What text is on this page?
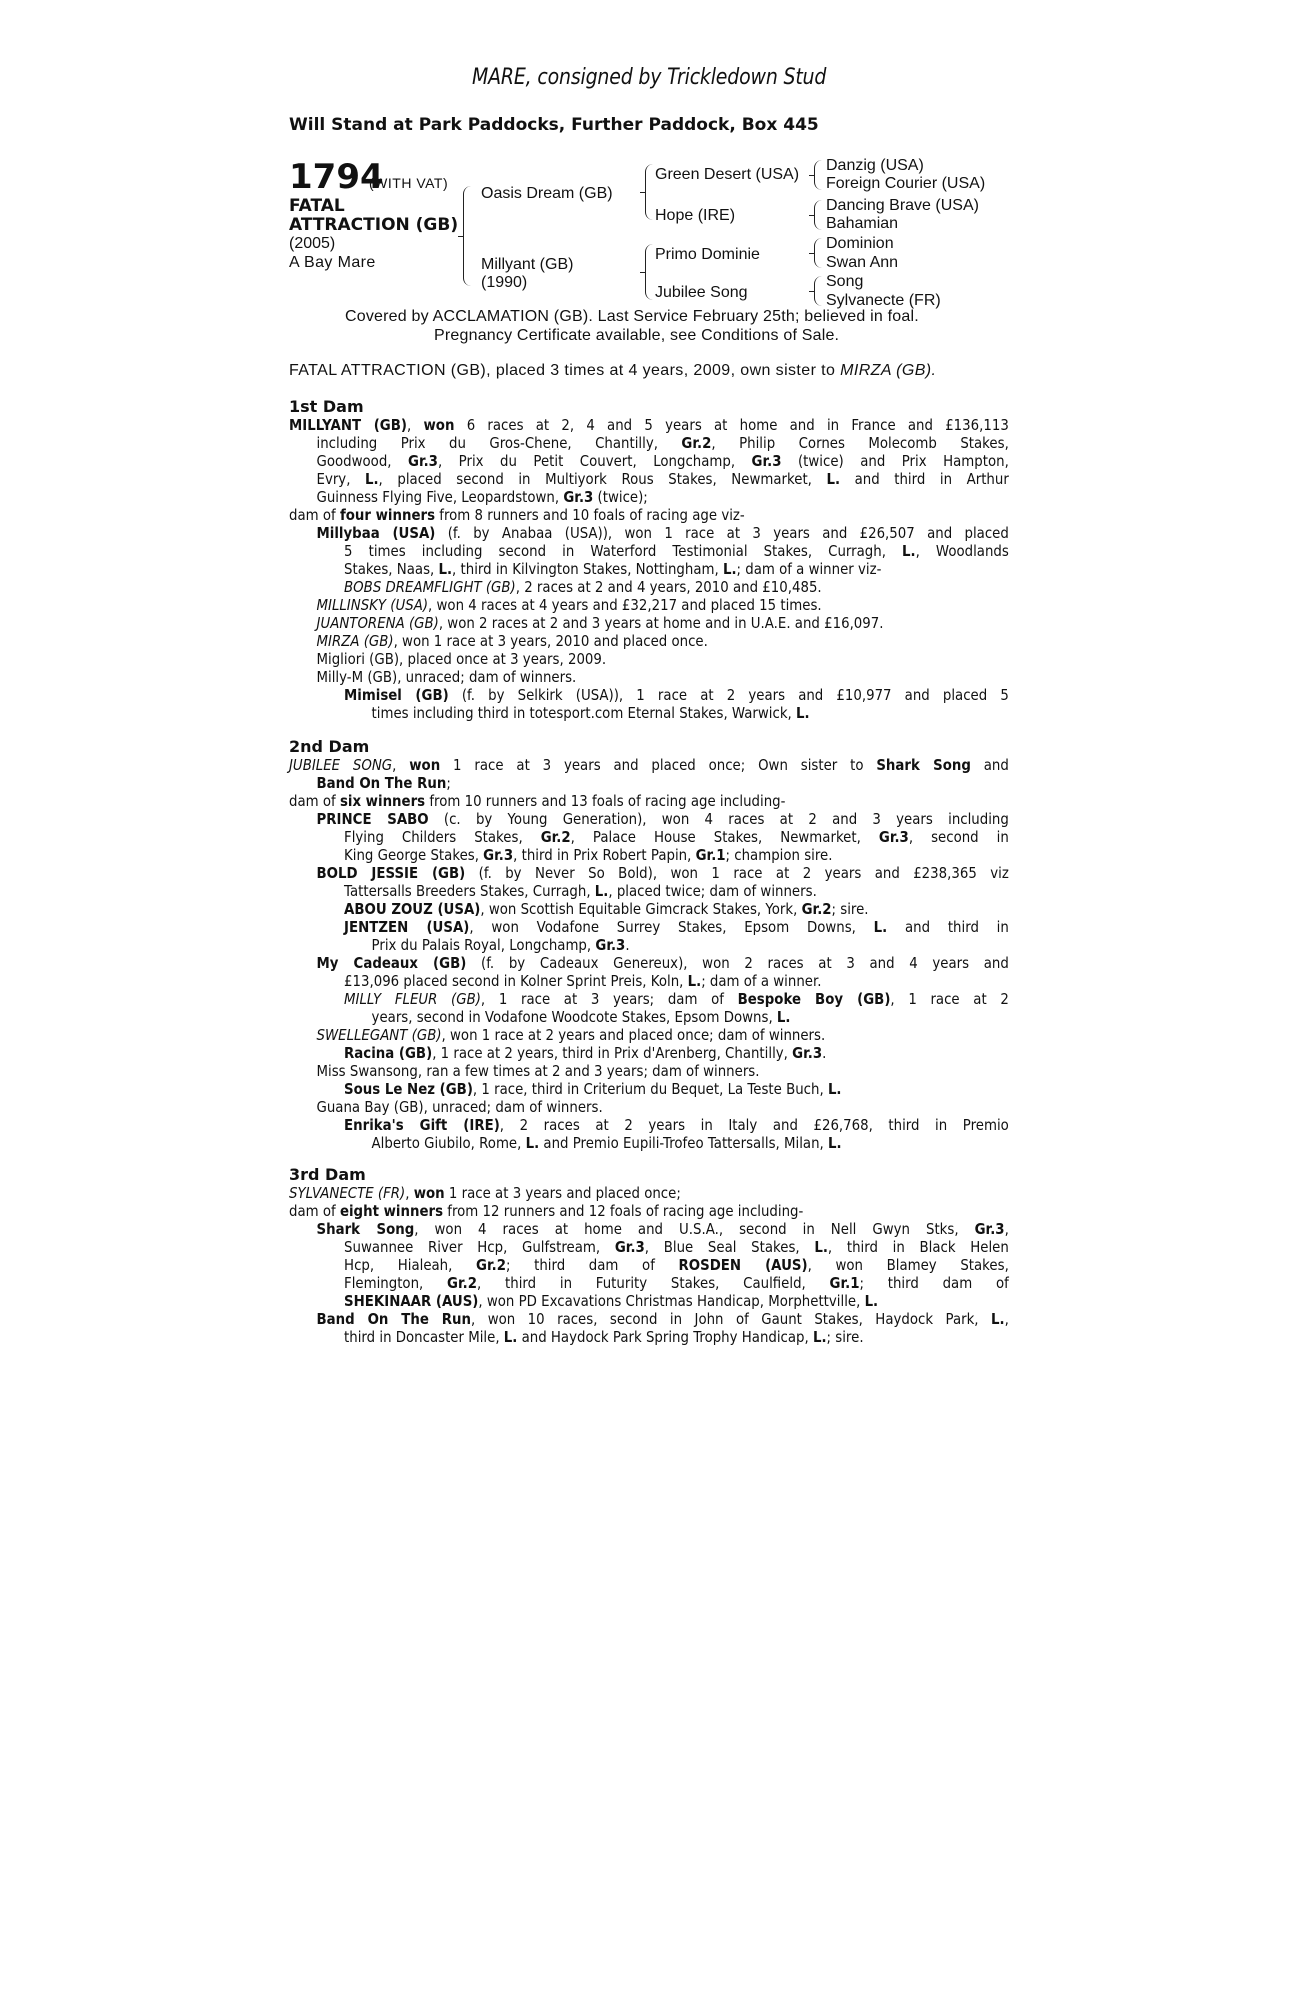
MARE, consigned by Trickledown Stud
Will Stand at Park Paddocks, Further Paddock, Box 445
1794
(WITH VAT)
FATAL
ATTRACTION (GB)
(2005)
A Bay Mare
Oasis Dream (GB)
Millyant (GB)
(1990)
Green Desert (USA)
Hope (IRE)
Primo Dominie
Jubilee Song
Danzig (USA)
Foreign Courier (USA)
Dancing Brave (USA)
Bahamian
Dominion
Swan Ann
Song
Sylvanecte (FR)
Covered by ACCLAMATION (GB). Last Service February 25th; believed in foal.
Pregnancy Certificate available, see Conditions of Sale.
FATAL ATTRACTION (GB), placed 3 times at 4 years, 2009, own sister to MIRZA (GB).
1st Dam
MILLYANT (GB), won 6 races at 2, 4 and 5 years at home and in France and £136,113
including Prix du Gros-Chene, Chantilly, Gr.2, Philip Cornes Molecomb Stakes,
Goodwood, Gr.3, Prix du Petit Couvert, Longchamp, Gr.3 (twice) and Prix Hampton,
Evry, L., placed second in Multiyork Rous Stakes, Newmarket, L. and third in Arthur
Guinness Flying Five, Leopardstown, Gr.3 (twice);
dam of four winners from 8 runners and 10 foals of racing age viz-
Millybaa (USA) (f. by Anabaa (USA)), won 1 race at 3 years and £26,507 and placed
5 times including second in Waterford Testimonial Stakes, Curragh, L., Woodlands
Stakes, Naas, L., third in Kilvington Stakes, Nottingham, L.; dam of a winner viz-
BOBS DREAMFLIGHT (GB), 2 races at 2 and 4 years, 2010 and £10,485.
MILLINSKY (USA), won 4 races at 4 years and £32,217 and placed 15 times.
JUANTORENA (GB), won 2 races at 2 and 3 years at home and in U.A.E. and £16,097.
MIRZA (GB), won 1 race at 3 years, 2010 and placed once.
Migliori (GB), placed once at 3 years, 2009.
Milly-M (GB), unraced; dam of winners.
Mimisel (GB) (f. by Selkirk (USA)), 1 race at 2 years and £10,977 and placed 5
times including third in totesport.com Eternal Stakes, Warwick, L.
2nd Dam
JUBILEE SONG, won 1 race at 3 years and placed once; Own sister to Shark Song and
Band On The Run;
dam of six winners from 10 runners and 13 foals of racing age including-
PRINCE SABO (c. by Young Generation), won 4 races at 2 and 3 years including
Flying Childers Stakes, Gr.2, Palace House Stakes, Newmarket, Gr.3, second in
King George Stakes, Gr.3, third in Prix Robert Papin, Gr.1; champion sire.
BOLD JESSIE (GB) (f. by Never So Bold), won 1 race at 2 years and £238,365 viz
Tattersalls Breeders Stakes, Curragh, L., placed twice; dam of winners.
ABOU ZOUZ (USA), won Scottish Equitable Gimcrack Stakes, York, Gr.2; sire.
JENTZEN (USA), won Vodafone Surrey Stakes, Epsom Downs, L. and third in
Prix du Palais Royal, Longchamp, Gr.3.
My Cadeaux (GB) (f. by Cadeaux Genereux), won 2 races at 3 and 4 years and
£13,096 placed second in Kolner Sprint Preis, Koln, L.; dam of a winner.
MILLY FLEUR (GB), 1 race at 3 years; dam of Bespoke Boy (GB), 1 race at 2
years, second in Vodafone Woodcote Stakes, Epsom Downs, L.
SWELLEGANT (GB), won 1 race at 2 years and placed once; dam of winners.
Racina (GB), 1 race at 2 years, third in Prix d'Arenberg, Chantilly, Gr.3.
Miss Swansong, ran a few times at 2 and 3 years; dam of winners.
Sous Le Nez (GB), 1 race, third in Criterium du Bequet, La Teste Buch, L.
Guana Bay (GB), unraced; dam of winners.
Enrika's Gift (IRE), 2 races at 2 years in Italy and £26,768, third in Premio
Alberto Giubilo, Rome, L. and Premio Eupili-Trofeo Tattersalls, Milan, L.
3rd Dam
SYLVANECTE (FR), won 1 race at 3 years and placed once;
dam of eight winners from 12 runners and 12 foals of racing age including-
Shark Song, won 4 races at home and U.S.A., second in Nell Gwyn Stks, Gr.3,
Suwannee River Hcp, Gulfstream, Gr.3, Blue Seal Stakes, L., third in Black Helen
Hcp, Hialeah, Gr.2; third dam of ROSDEN (AUS), won Blamey Stakes,
Flemington, Gr.2, third in Futurity Stakes, Caulfield, Gr.1; third dam of
SHEKINAAR (AUS), won PD Excavations Christmas Handicap, Morphettville, L.
Band On The Run, won 10 races, second in John of Gaunt Stakes, Haydock Park, L.,
third in Doncaster Mile, L. and Haydock Park Spring Trophy Handicap, L.; sire.
